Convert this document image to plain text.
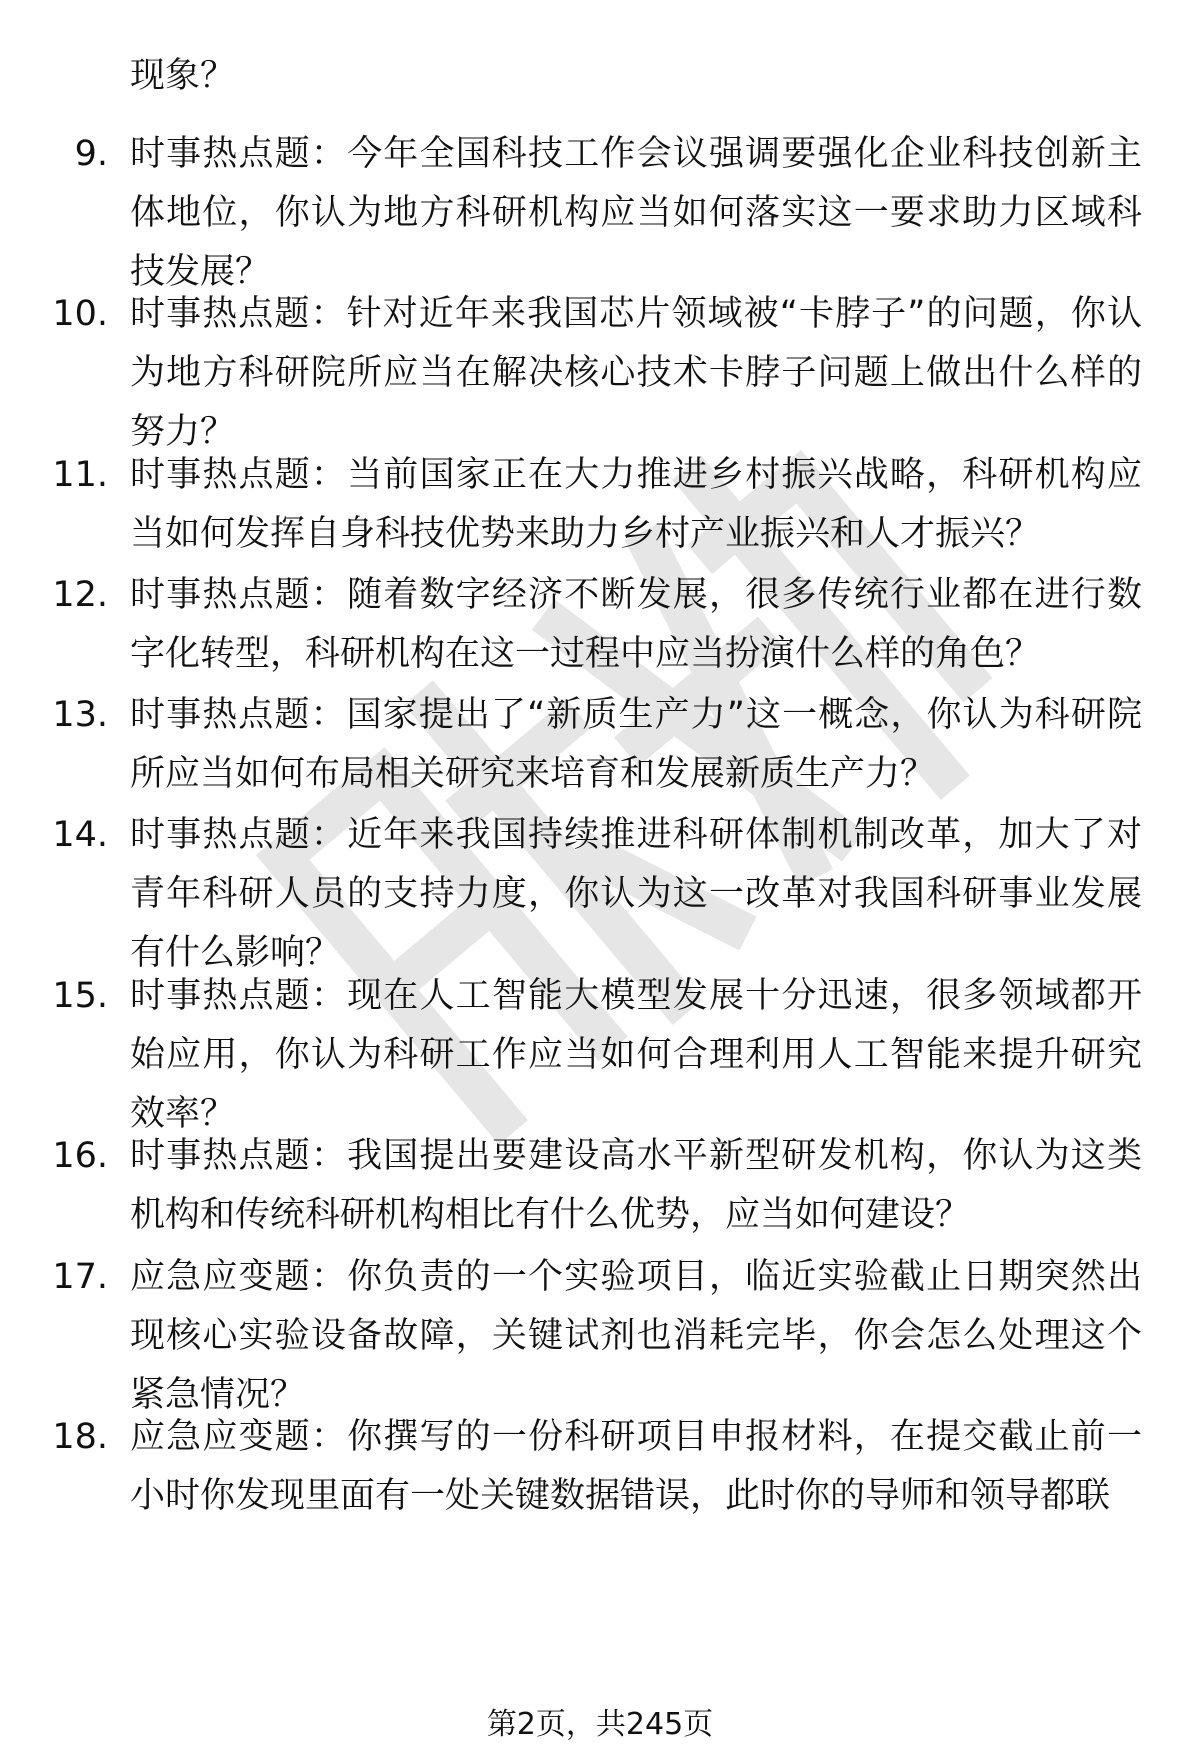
现象？
9. 时事热点题：今年全国科技工作会议强调要强化企业科技创新主体地位，你认为地方科研机构应当如何落实这一要求助力区域科技发展？
10. 时事热点题：针对近年来我国芯片领域被“卡脖子”的问题，你认为地方科研院所应当在解决核心技术卡脖子问题上做出什么样的努力？
11. 时事热点题：当前国家正在大力推进乡村振兴战略，科研机构应当如何发挥自身科技优势来助力乡村产业振兴和人才振兴？
12. 时事热点题：随着数字经济不断发展，很多传统行业都在进行数字化转型，科研机构在这一过程中应当扮演什么样的角色？
13. 时事热点题：国家提出了“新质生产力”这一概念，你认为科研院所应当如何布局相关研究来培育和发展新质生产力？
14. 时事热点题：近年来我国持续推进科研体制机制改革，加大了对青年科研人员的支持力度，你认为这一改革对我国科研事业发展有什么影响？
15. 时事热点题：现在人工智能大模型发展十分迅速，很多领域都开始应用，你认为科研工作应当如何合理利用人工智能来提升研究效率？
16. 时事热点题：我国提出要建设高水平新型研发机构，你认为这类机构和传统科研机构相比有什么优势，应当如何建设？
17. 应急应变题：你负责的一个实验项目，临近实验截止日期突然出现核心实验设备故障，关键试剂也消耗完毕，你会怎么处理这个紧急情况？
18. 应急应变题：你撰写的一份科研项目申报材料，在提交截止前一小时你发现里面有一处关键数据错误，此时你的导师和领导都联
第2页，共245页
